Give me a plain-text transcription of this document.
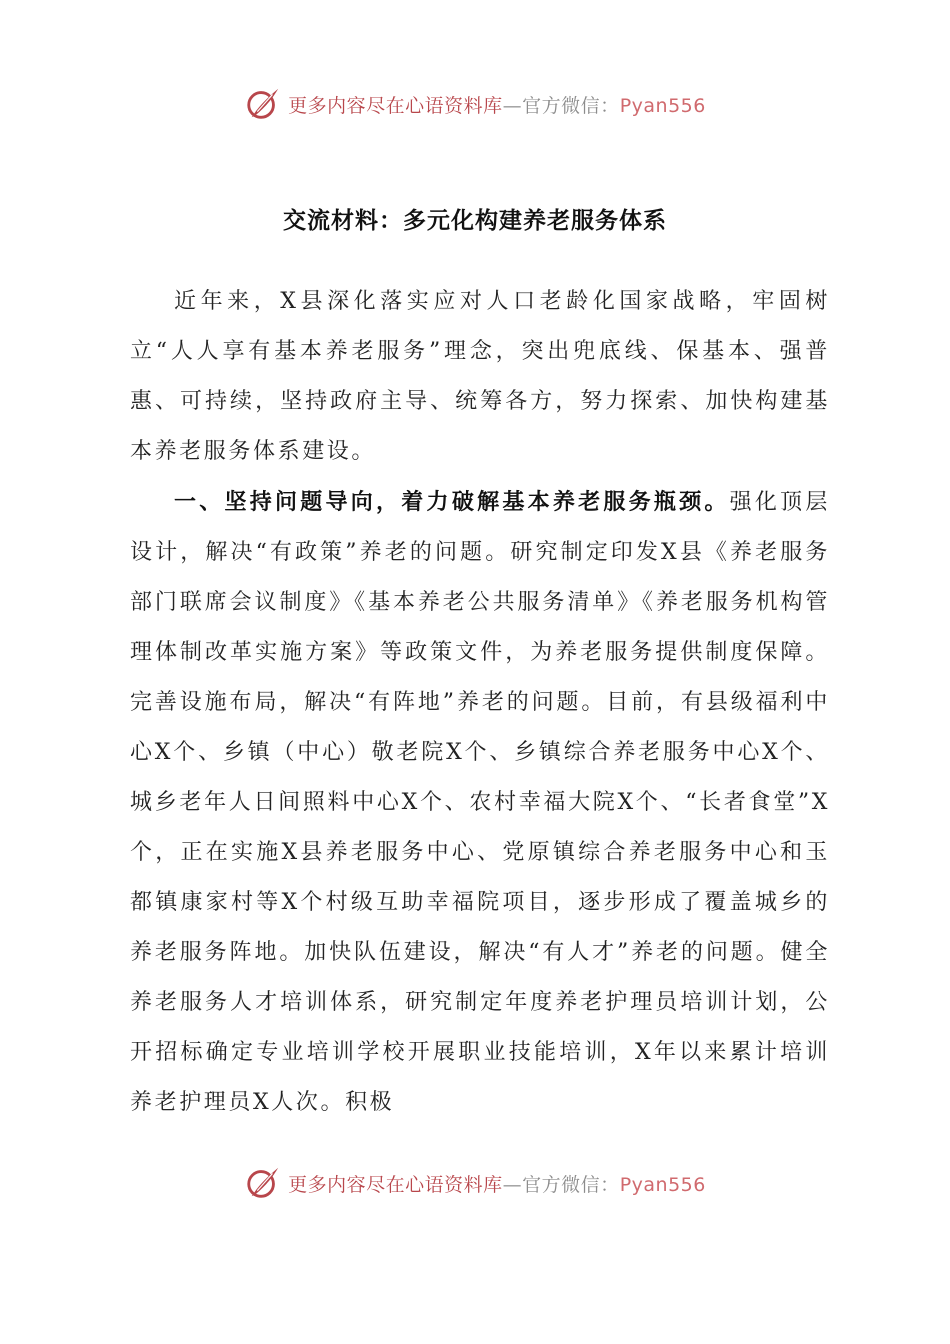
更多内容尽在心语资料库—官方微信：Pyan556
交流材料：多元化构建养老服务体系

近年来，X县深化落实应对人口老龄化国家战略，牢固树立“人人享有基本养老服务”理念，突出兜底线、保基本、强普惠、可持续，坚持政府主导、统筹各方，努力探索、加快构建基本养老服务体系建设。

一、坚持问题导向，着力破解基本养老服务瓶颈。强化顶层设计，解决“有政策”养老的问题。研究制定印发X县《养老服务部门联席会议制度》《基本养老公共服务清单》《养老服务机构管理体制改革实施方案》等政策文件，为养老服务提供制度保障。完善设施布局，解决“有阵地”养老的问题。目前，有县级福利中心X个、乡镇（中心）敬老院X个、乡镇综合养老服务中心X个、城乡老年人日间照料中心X个、农村幸福大院X个、“长者食堂”X个，正在实施X县养老服务中心、党原镇综合养老服务中心和玉都镇康家村等X个村级互助幸福院项目，逐步形成了覆盖城乡的养老服务阵地。加快队伍建设，解决“有人才”养老的问题。健全养老服务人才培训体系，研究制定年度养老护理员培训计划，公开招标确定专业培训学校开展职业技能培训，X年以来累计培训养老护理员X人次。积极

更多内容尽在心语资料库—官方微信：Pyan556
